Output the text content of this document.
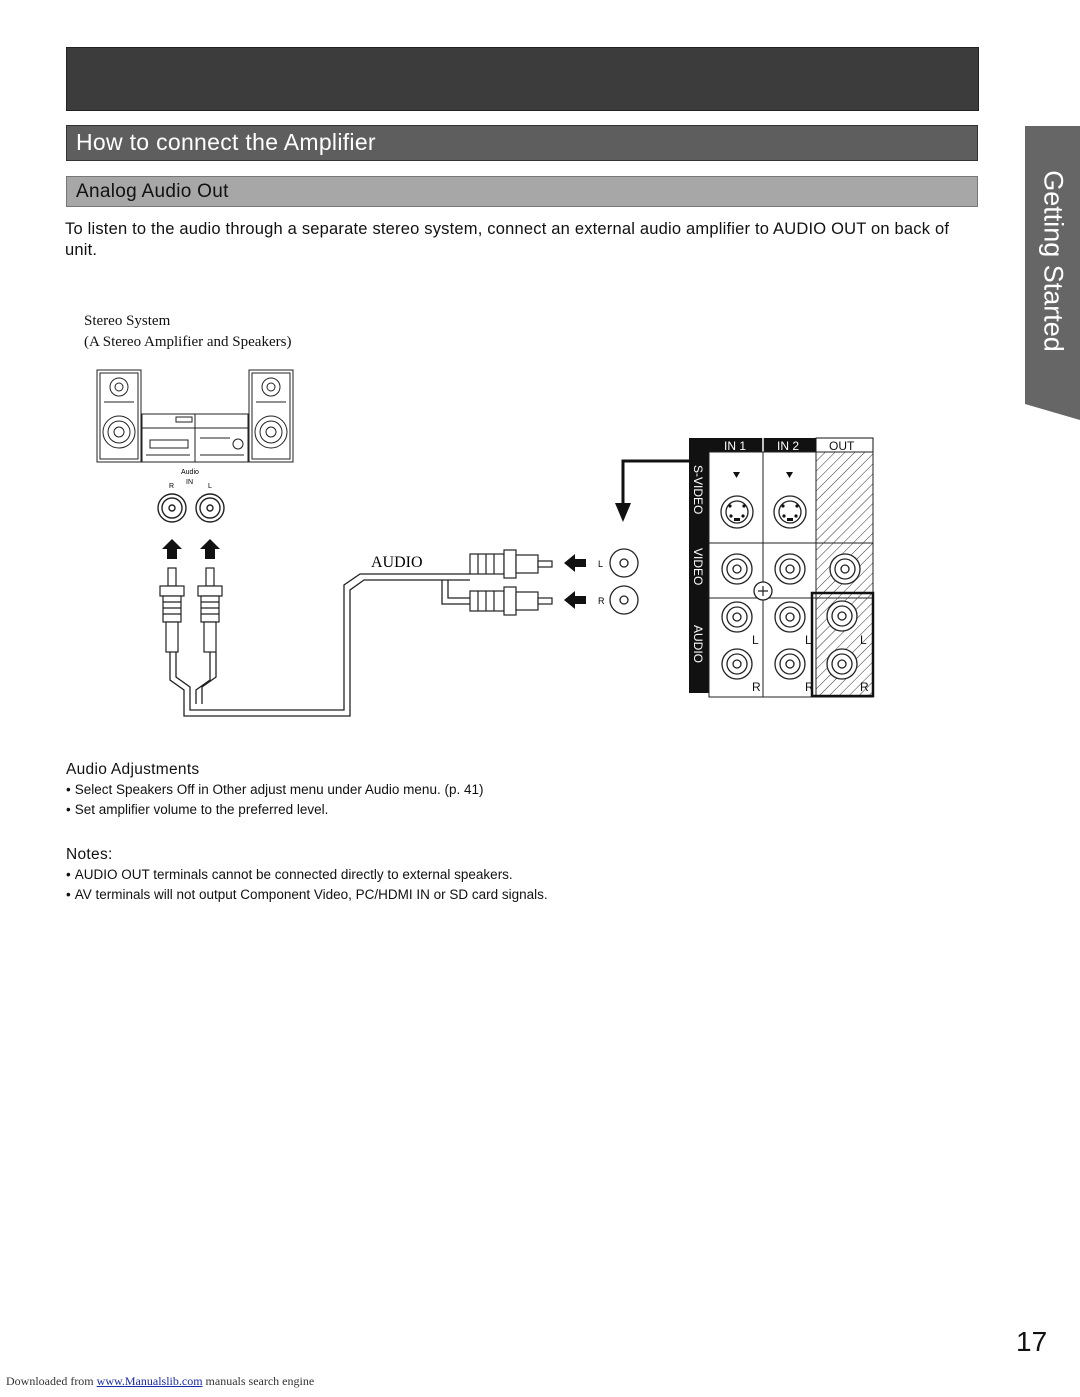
How to connect the Amplifier
Analog Audio Out	Getting Started
To listen to the audio through a separate stereo system, connect an external audio amplifier to AUDIO OUT on back of unit.
Stereo System
(A Stereo Amplifier and Speakers)
Audio
IN
R	L
AUDIO	L
R
IN 1	IN 2 OUT
S-VIDEO
VIDEO
AUDIO	L	L	L
R	R	R
Audio Adjustments
• Select Speakers Off in Other adjust menu under Audio menu. (p. 41)
• Set amplifier volume to the preferred level.
Notes:
• AUDIO OUT terminals cannot be connected directly to external speakers.
• AV terminals will not output Component Video, PC/HDMI IN or SD card signals.
17
Downloaded from www.Manualslib.com manuals search engine
